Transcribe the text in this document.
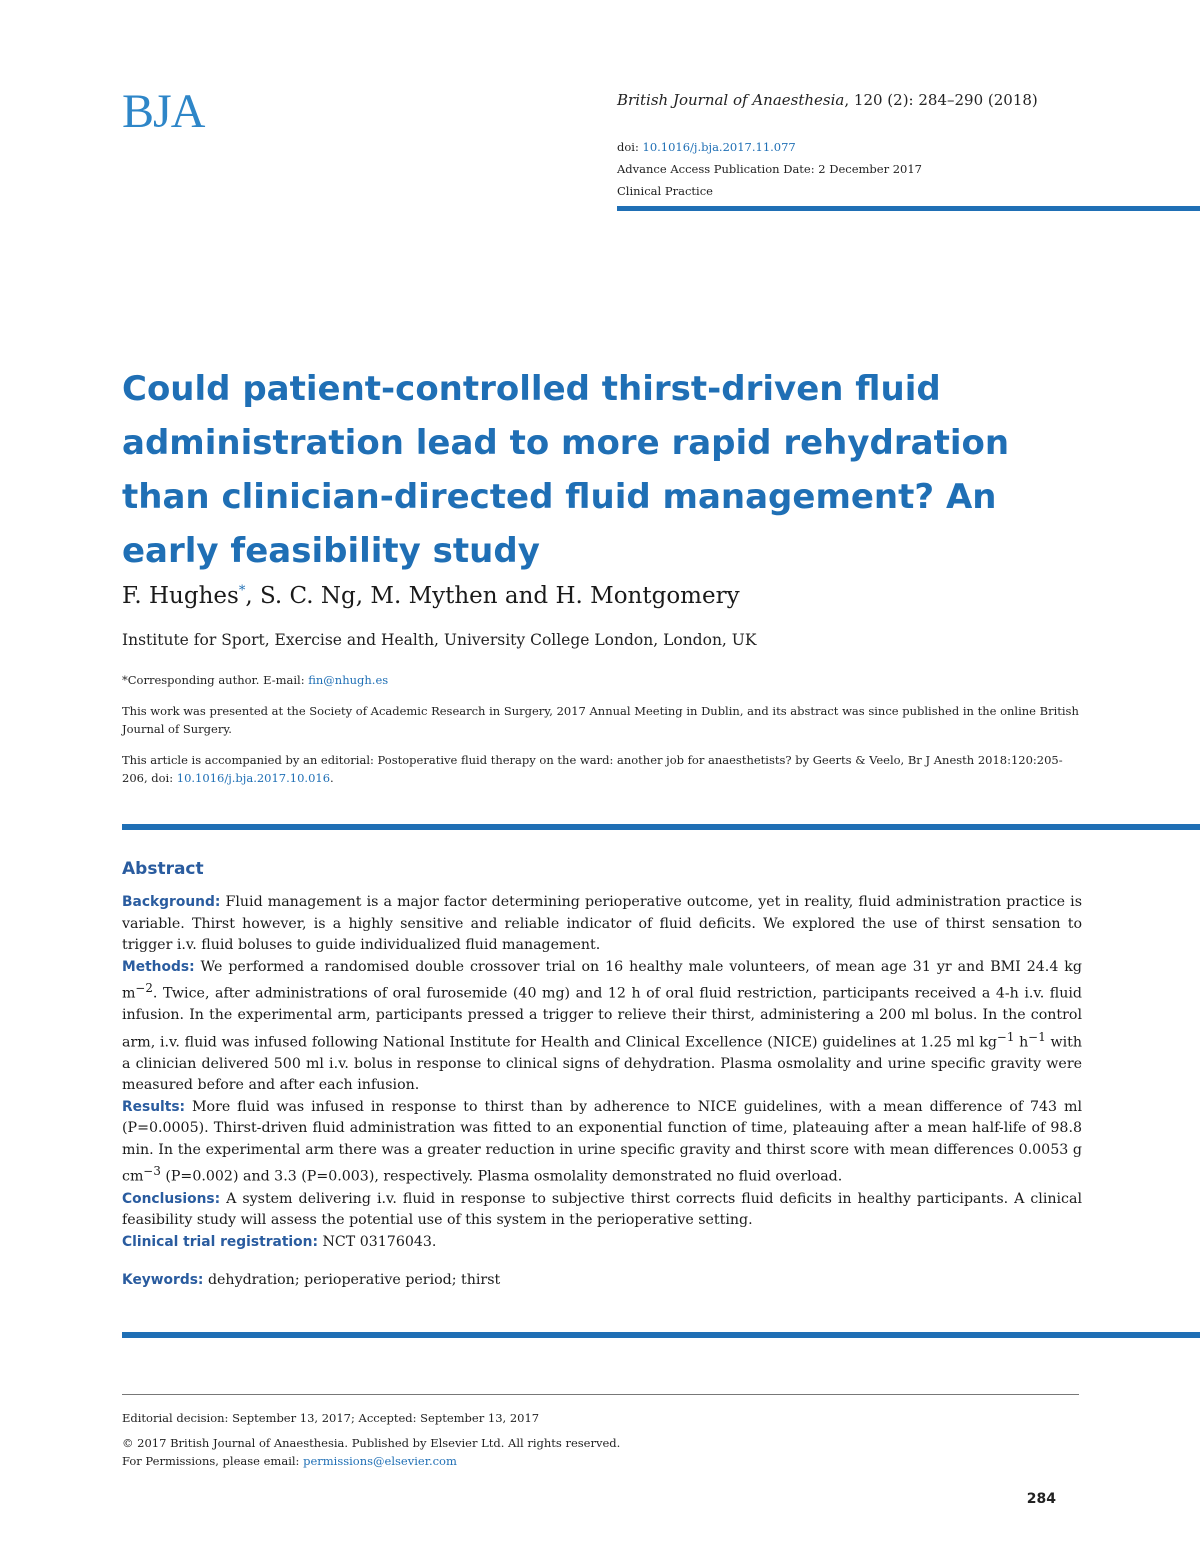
BJA	British Journal of Anaesthesia, 120 (2): 284–290 (2018)
doi: 10.1016/j.bja.2017.11.077
Advance Access Publication Date: 2 December 2017
Clinical Practice
Could patient-controlled thirst-driven fluid administration lead to more rapid rehydration than clinician-directed fluid management? An early feasibility study
F. Hughes*, S. C. Ng, M. Mythen and H. Montgomery
Institute for Sport, Exercise and Health, University College London, London, UK
*Corresponding author. E-mail: fin@nhugh.es
This work was presented at the Society of Academic Research in Surgery, 2017 Annual Meeting in Dublin, and its abstract was since published in the online British Journal of Surgery.
This article is accompanied by an editorial: Postoperative fluid therapy on the ward: another job for anaesthetists? by Geerts & Veelo, Br J Anesth 2018:120:205-206, doi: 10.1016/j.bja.2017.10.016.
Abstract

Background: Fluid management is a major factor determining perioperative outcome, yet in reality, fluid administration practice is variable. Thirst however, is a highly sensitive and reliable indicator of fluid deficits. We explored the use of thirst sensation to trigger i.v. fluid boluses to guide individualized fluid management.

Methods: We performed a randomised double crossover trial on 16 healthy male volunteers, of mean age 31 yr and BMI 24.4 kg $m^{-2}$. Twice, after administrations of oral furosemide (40 mg) and 12 h of oral fluid restriction, participants received a 4-h i.v. fluid infusion. In the experimental arm, participants pressed a trigger to relieve their thirst, administering a 200 ml bolus. In the control arm, i.v. fluid was infused following National Institute for Health and Clinical Excellence (NICE) guidelines at 1.25 ml $kg^{-1}$ $h^{-1}$ with a clinician delivered 500 ml i.v. bolus in response to clinical signs of dehydration. Plasma osmolality and urine specific gravity were measured before and after each infusion.

Results: More fluid was infused in response to thirst than by adherence to NICE guidelines, with a mean difference of 743 ml (P=0.0005). Thirst-driven fluid administration was fitted to an exponential function of time, plateauing after a mean half-life of 98.8 min. In the experimental arm there was a greater reduction in urine specific gravity and thirst score with mean differences 0.0053 g $cm^{-3}$ (P=0.002) and 3.3 (P=0.003), respectively. Plasma osmolality demonstrated no fluid overload.

Conclusions: A system delivering i.v. fluid in response to subjective thirst corrects fluid deficits in healthy participants. A clinical feasibility study will assess the potential use of this system in the perioperative setting.

Clinical trial registration: NCT 03176043.

Keywords: dehydration; perioperative period; thirst
Editorial decision: September 13, 2017; Accepted: September 13, 2017
© 2017 British Journal of Anaesthesia. Published by Elsevier Ltd. All rights reserved.
For Permissions, please email: permissions@elsevier.com
284
